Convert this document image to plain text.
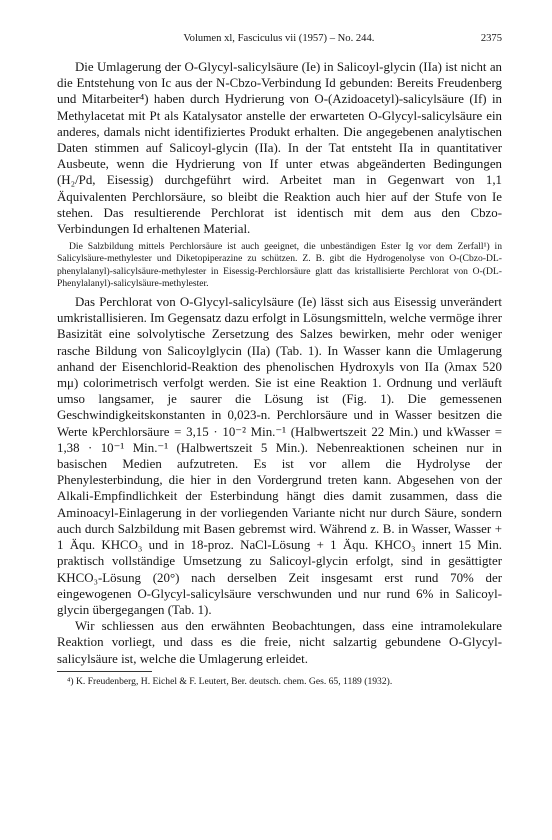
Volumen xl, Fasciculus vii (1957) – No. 244.	2375

Die Umlagerung der O-Glycyl-salicylsäure (Ie) in Salicoyl-glycin (IIa) ist nicht an die Entstehung von Ic aus der N-Cbzo-Verbindung Id gebunden: Bereits Freudenberg und Mitarbeiter⁴) haben durch Hydrierung von O-(Azidoacetyl)-salicylsäure (If) in Methylacetat mit Pt als Katalysator anstelle der erwarteten O-Glycyl-salicylsäure ein anderes, damals nicht identifiziertes Produkt erhalten. Die angegebenen analytischen Daten stimmen auf Salicoyl-glycin (IIa). In der Tat entsteht IIa in quantitativer Ausbeute, wenn die Hydrierung von If unter etwas abgeänderten Bedingungen (H₂/Pd, Eisessig) durchgeführt wird. Arbeitet man in Gegenwart von 1,1 Äquivalenten Perchlorsäure, so bleibt die Reaktion auch hier auf der Stufe von Ie stehen. Das resultierende Perchlorat ist identisch mit dem aus den Cbzo-Verbindungen Id erhaltenen Material.

Die Salzbildung mittels Perchlorsäure ist auch geeignet, die unbeständigen Ester Ig vor dem Zerfall¹) in Salicylsäure-methylester und Diketopiperazine zu schützen. Z. B. gibt die Hydrogenolyse von O-(Cbzo-DL-phenylalanyl)-salicylsäure-methylester in Eisessig-Perchlorsäure glatt das kristallisierte Perchlorat von O-(DL-Phenylalanyl)-salicylsäure-methylester.

Das Perchlorat von O-Glycyl-salicylsäure (Ie) lässt sich aus Eisessig unverändert umkristallisieren. Im Gegensatz dazu erfolgt in Lösungsmitteln, welche vermöge ihrer Basizität eine solvolytische Zersetzung des Salzes bewirken, mehr oder weniger rasche Bildung von Salicoylglycin (IIa) (Tab. 1). In Wasser kann die Umlagerung anhand der Eisenchlorid-Reaktion des phenolischen Hydroxyls von IIa (λmax 520 mμ) colorimetrisch verfolgt werden. Sie ist eine Reaktion 1. Ordnung und verläuft umso langsamer, je saurer die Lösung ist (Fig. 1). Die gemessenen Geschwindigkeitskonstanten in 0,023-n. Perchlorsäure und in Wasser besitzen die Werte kPerchlorsäure = 3,15 · 10⁻² Min.⁻¹ (Halbwertszeit 22 Min.) und kWasser = 1,38 · 10⁻¹ Min.⁻¹ (Halbwertszeit 5 Min.). Nebenreaktionen scheinen nur in basischen Medien aufzutreten. Es ist vor allem die Hydrolyse der Phenylesterbindung, die hier in den Vordergrund treten kann. Abgesehen von der Alkali-Empfindlichkeit der Esterbindung hängt dies damit zusammen, dass die Aminoacyl-Einlagerung in der vorliegenden Variante nicht nur durch Säure, sondern auch durch Salzbildung mit Basen gebremst wird. Während z. B. in Wasser, Wasser + 1 Äqu. KHCO₃ und in 18-proz. NaCl-Lösung + 1 Äqu. KHCO₃ innert 15 Min. praktisch vollständige Umsetzung zu Salicoyl-glycin erfolgt, sind in gesättigter KHCO₃-Lösung (20°) nach derselben Zeit insgesamt erst rund 70% der eingewogenen O-Glycyl-salicylsäure verschwunden und nur rund 6% in Salicoyl-glycin übergegangen (Tab. 1).

Wir schliessen aus den erwähnten Beobachtungen, dass eine intramolekulare Reaktion vorliegt, und dass es die freie, nicht salzartig gebundene O-Glycyl-salicylsäure ist, welche die Umlagerung erleidet.

⁴) K. Freudenberg, H. Eichel & F. Leutert, Ber. deutsch. chem. Ges. 65, 1189 (1932).
